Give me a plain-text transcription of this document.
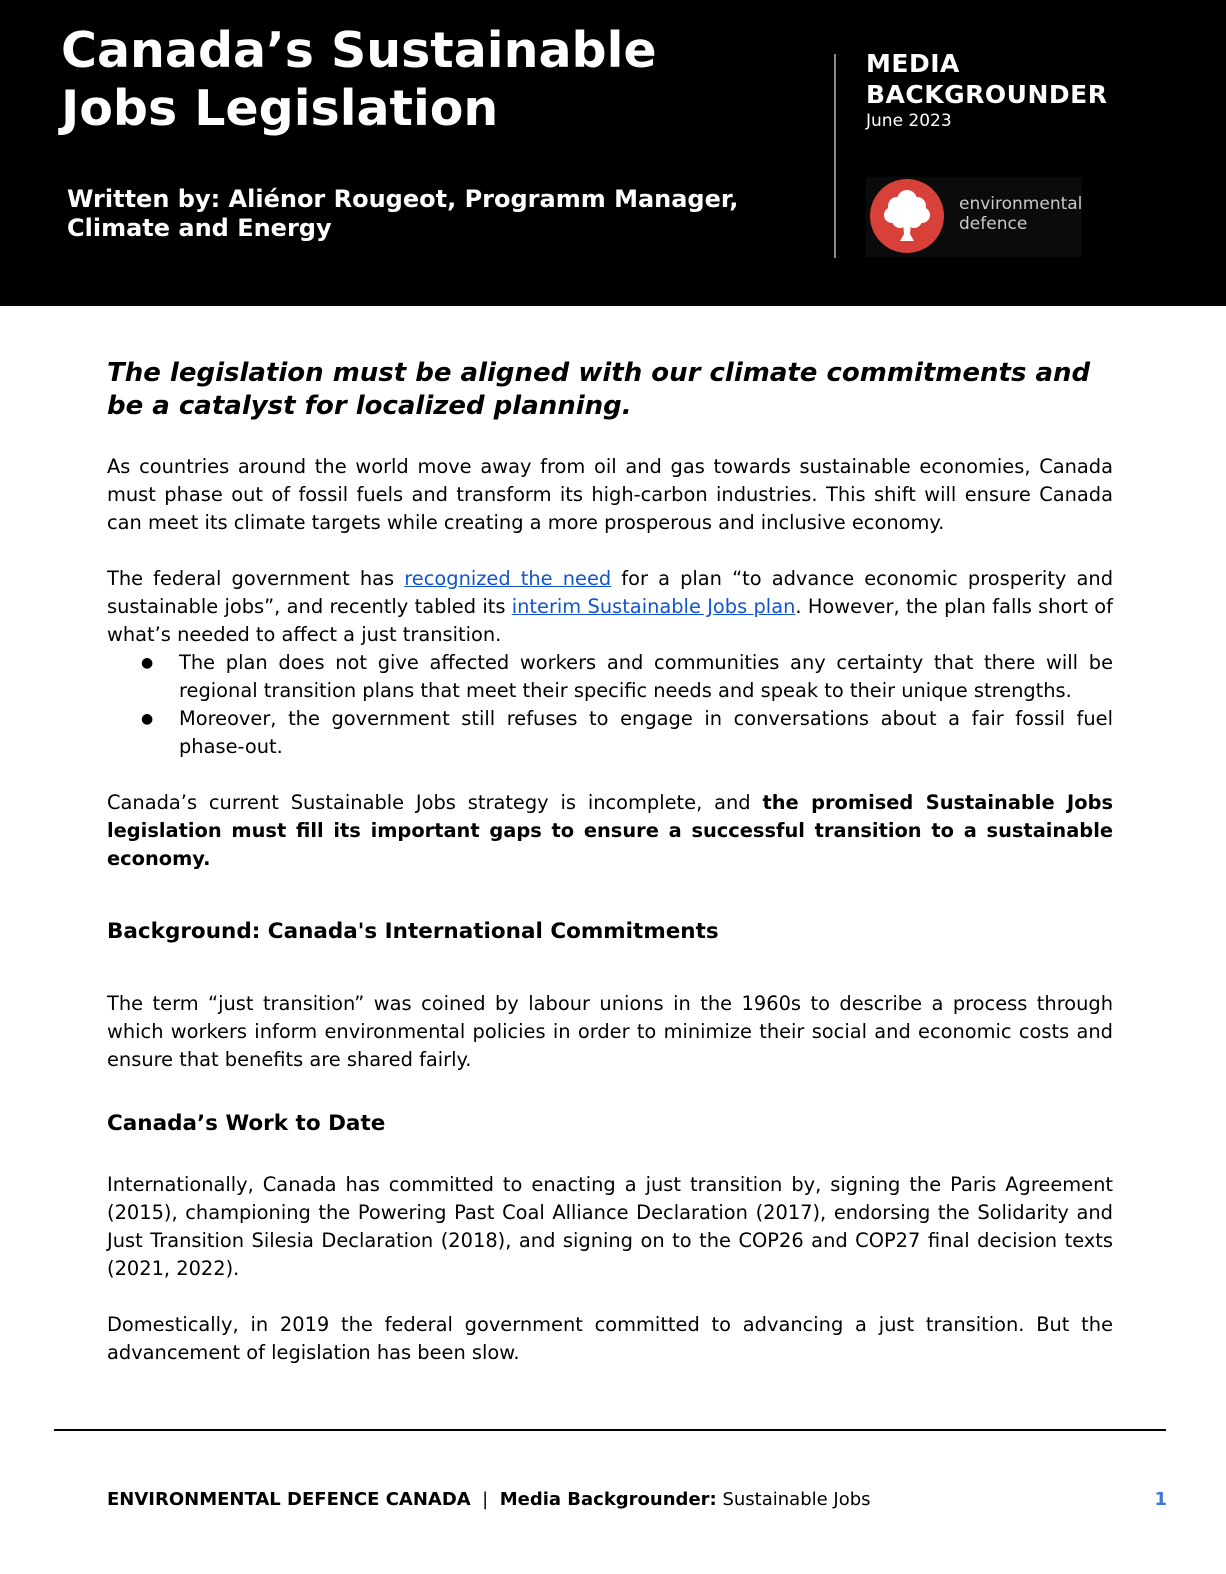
Canada’s Sustainable
Jobs Legislation
Written by: Aliénor Rougeot, Programm Manager,
Climate and Energy
MEDIA
BACKGROUNDER
June 2023
environmental
defence
The legislation must be aligned with our climate commitments and
be a catalyst for localized planning.

As countries around the world move away from oil and gas towards sustainable economies, Canada must phase out of fossil fuels and transform its high-carbon industries. This shift will ensure Canada can meet its climate targets while creating a more prosperous and inclusive economy.

The federal government has recognized the need for a plan “to advance economic prosperity and sustainable jobs”, and recently tabled its interim Sustainable Jobs plan. However, the plan falls short of what’s needed to affect a just transition.

● The plan does not give affected workers and communities any certainty that there will be regional transition plans that meet their specific needs and speak to their unique strengths.
● Moreover, the government still refuses to engage in conversations about a fair fossil fuel phase-out.

Canada’s current Sustainable Jobs strategy is incomplete, and the promised Sustainable Jobs legislation must fill its important gaps to ensure a successful transition to a sustainable economy.

Background: Canada's International Commitments

The term “just transition” was coined by labour unions in the 1960s to describe a process through which workers inform environmental policies in order to minimize their social and economic costs and ensure that benefits are shared fairly.

Canada’s Work to Date

Internationally, Canada has committed to enacting a just transition by, signing the Paris Agreement (2015), championing the Powering Past Coal Alliance Declaration (2017), endorsing the Solidarity and Just Transition Silesia Declaration (2018), and signing on to the COP26 and COP27 final decision texts (2021, 2022).

Domestically, in 2019 the federal government committed to advancing a just transition. But the advancement of legislation has been slow.

ENVIRONMENTAL DEFENCE CANADA | Media Backgrounder: Sustainable Jobs	1
